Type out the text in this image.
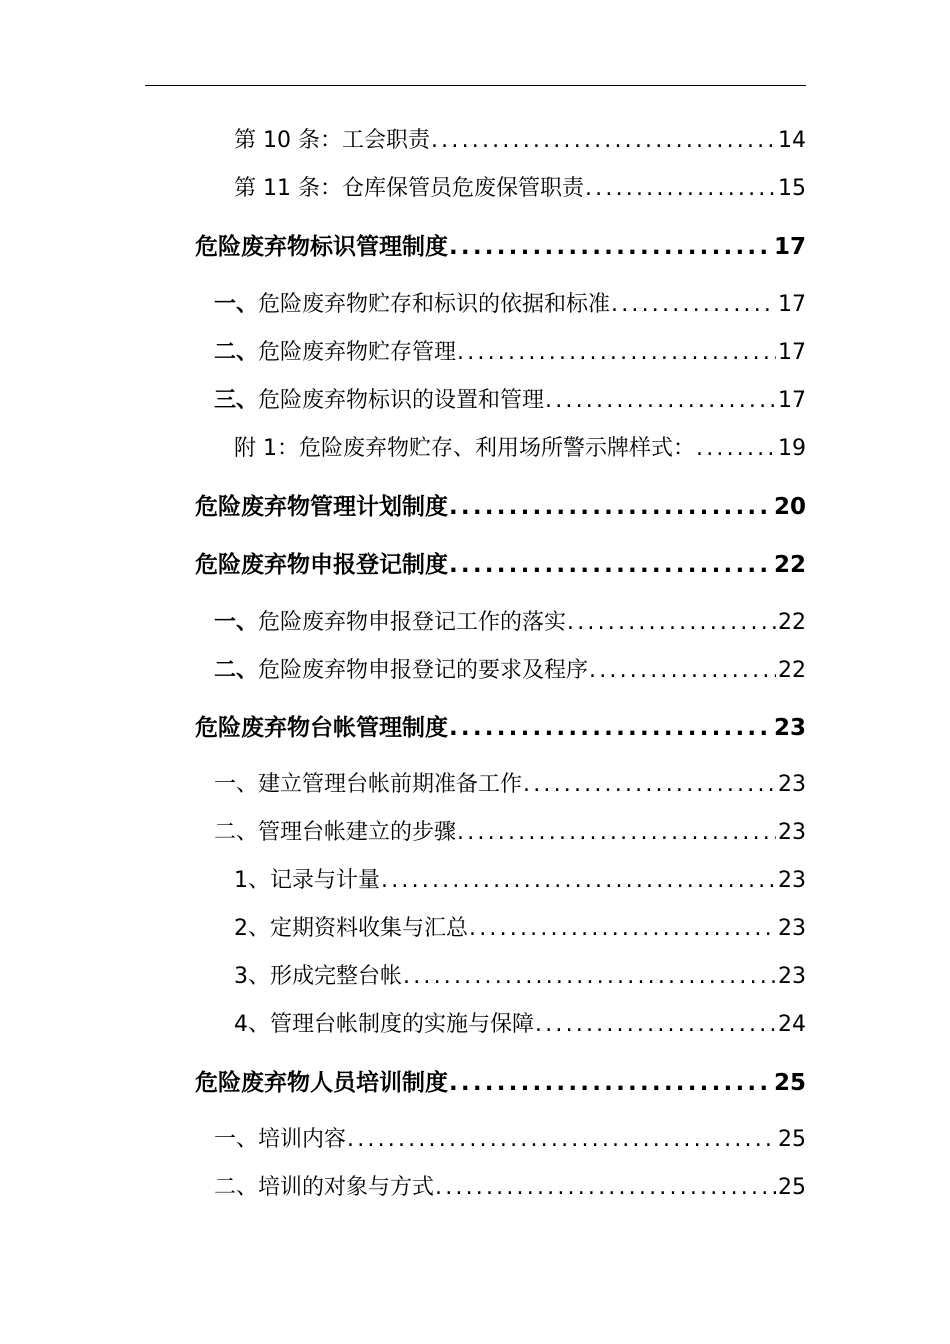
第 10 条：工会职责 .....	14
第 11 条：仓库保管员危废保管职责 .....	15
危险废弃物标识管理制度 .....	17
一、危险废弃物贮存和标识的依据和标准 .....	17
二、危险废弃物贮存管理 .....	17
三、危险废弃物标识的设置和管理 .....	17
附 1：危险废弃物贮存、利用场所警示牌样式： .....	19
危险废弃物管理计划制度 .....	20
危险废弃物申报登记制度 .....	22
一、危险废弃物申报登记工作的落实 .....	22
二、危险废弃物申报登记的要求及程序 .....	22
危险废弃物台帐管理制度 .....	23
一、建立管理台帐前期准备工作 .....	23
二、管理台帐建立的步骤 .....	23
1、记录与计量 .....	23
2、定期资料收集与汇总 .....	23
3、形成完整台帐 .....	23
4、管理台帐制度的实施与保障 .....	24
危险废弃物人员培训制度 .....	25
一、培训内容 .....	25
二、培训的对象与方式 .....	25
